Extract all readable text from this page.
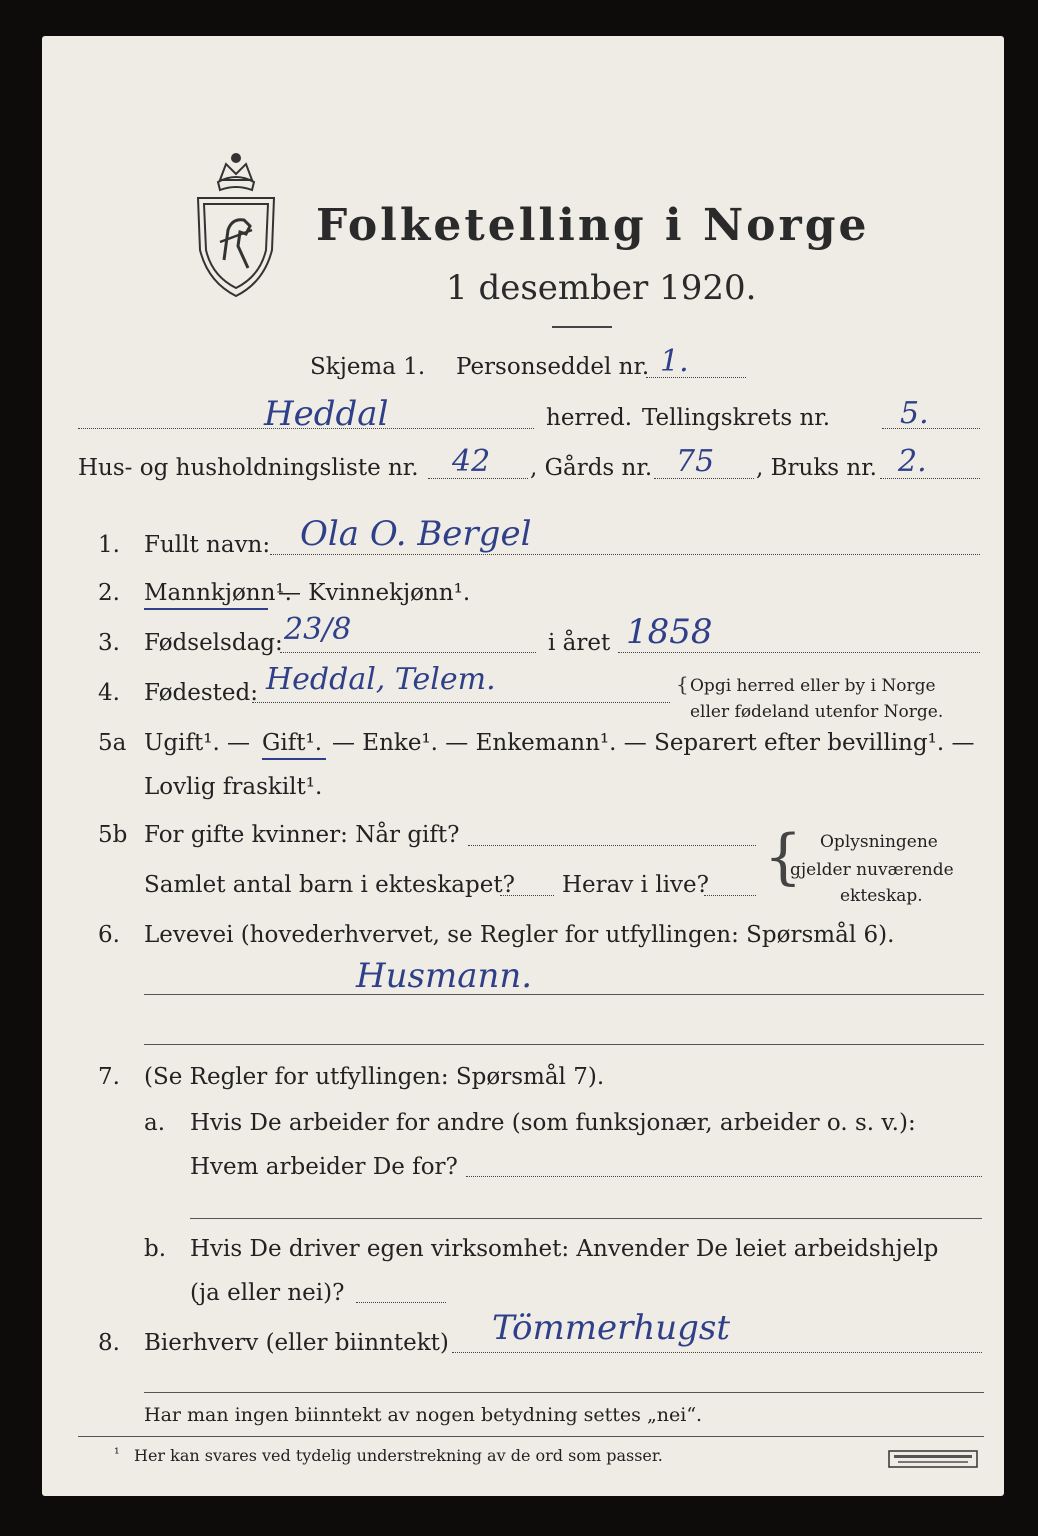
Folketelling i Norge
1 desember 1920.
Skjema 1. Personseddel nr. 1.
Heddal	herred. Tellingskrets nr. 5.
Hus- og husholdningsliste nr. 42 , Gårds nr. 75 , Bruks nr. 2.
1. Fullt navn: Ola O. Bergel
2. Mannkjønn¹.
— Kvinnekjønn¹.
3. Fødselsdag: 23/8	i året 1858
4. Fødested: Heddal, Telem.	{ Opgi herred eller by i Norge
eller fødeland utenfor Norge.
5a Ugift¹. — Gift¹. — Enke¹. — Enkemann¹. — Separert efter bevilling¹. —
Lovlig fraskilt¹.
5b For gifte kvinner: Når gift?
Samlet antal barn i ekteskapet? Herav i live? { Oplysningene
gjelder nuværende
ekteskap.
6. Levevei (hovederhvervet, se Regler for utfyllingen: Spørsmål 6).
Husmann.
7. (Se Regler for utfyllingen: Spørsmål 7).
a. Hvis De arbeider for andre (som funksjonær, arbeider o. s. v.):
Hvem arbeider De for?
b. Hvis De driver egen virksomhet: Anvender De leiet arbeidshjelp
(ja eller nei)?
8. Bierhverv (eller biinntekt) Tömmerhugst
Har man ingen biinntekt av nogen betydning settes „nei“.
¹ Her kan svares ved tydelig understrekning av de ord som passer.
